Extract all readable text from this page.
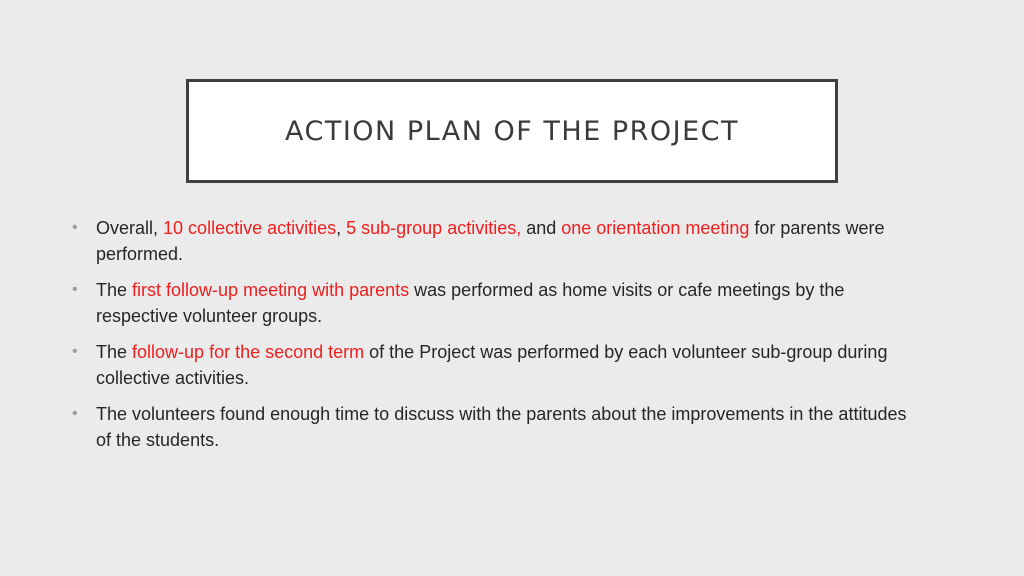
ACTION PLAN OF THE PROJECT
• Overall, 10 collective activities, 5 sub-group activities, and one orientation meeting for parents were performed.
• The first follow-up meeting with parents was performed as home visits or cafe meetings by the respective volunteer groups.
• The follow-up for the second term of the Project was performed by each volunteer sub-group during collective activities.
• The volunteers found enough time to discuss with the parents about the improvements in the attitudes of the students.
